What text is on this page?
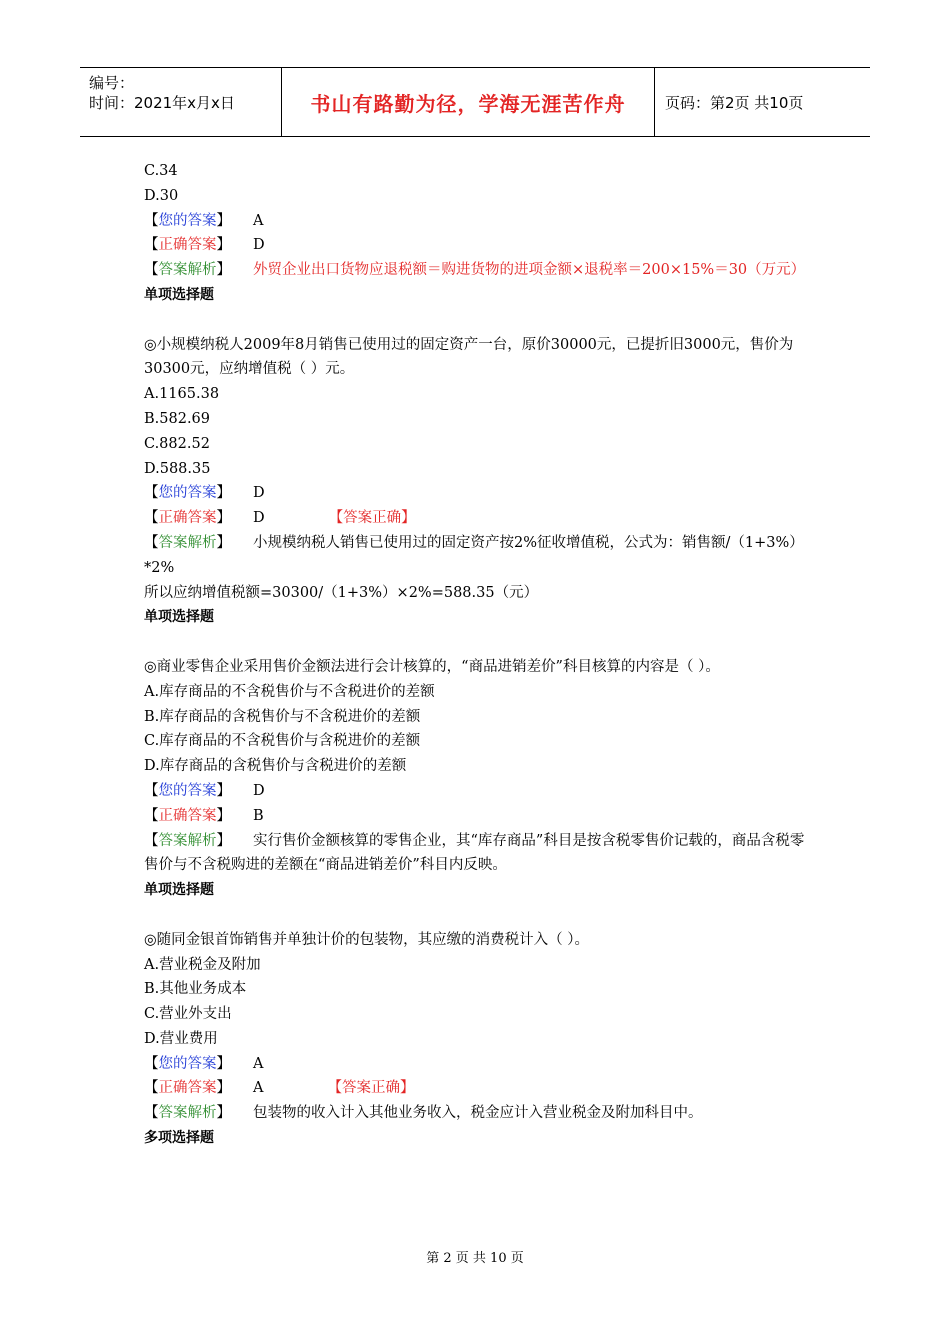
编号：
时间：2021年x月x日	书山有路勤为径，学海无涯苦作舟	页码：第2页 共10页
C.34
D.30
【您的答案】 A
【正确答案】 D
【答案解析】 外贸企业出口货物应退税额＝购进货物的进项金额×退税率＝200×15%＝30（万元）
单项选择题
◎小规模纳税人2009年8月销售已使用过的固定资产一台，原价30000元，已提折旧3000元，售价为30300元，应纳增值税（ ）元。
A.1165.38
B.582.69
C.882.52
D.588.35
【您的答案】 D
【正确答案】 D	【答案正确】
【答案解析】 小规模纳税人销售已使用过的固定资产按2%征收增值税，公式为：销售额/（1+3%）*2%
所以应纳增值税额=30300/（1+3%）×2%=588.35（元）
单项选择题
◎商业零售企业采用售价金额法进行会计核算的，“商品进销差价”科目核算的内容是（ ）。
A.库存商品的不含税售价与不含税进价的差额
B.库存商品的含税售价与不含税进价的差额
C.库存商品的不含税售价与含税进价的差额
D.库存商品的含税售价与含税进价的差额
【您的答案】 D
【正确答案】 B
【答案解析】 实行售价金额核算的零售企业，其“库存商品”科目是按含税零售价记载的，商品含税零售价与不含税购进的差额在“商品进销差价”科目内反映。
单项选择题
◎随同金银首饰销售并单独计价的包装物，其应缴的消费税计入（ ）。
A.营业税金及附加
B.其他业务成本
C.营业外支出
D.营业费用
【您的答案】 A
【正确答案】 A	【答案正确】
【答案解析】 包装物的收入计入其他业务收入，税金应计入营业税金及附加科目中。
多项选择题
第 2 页 共 10 页
